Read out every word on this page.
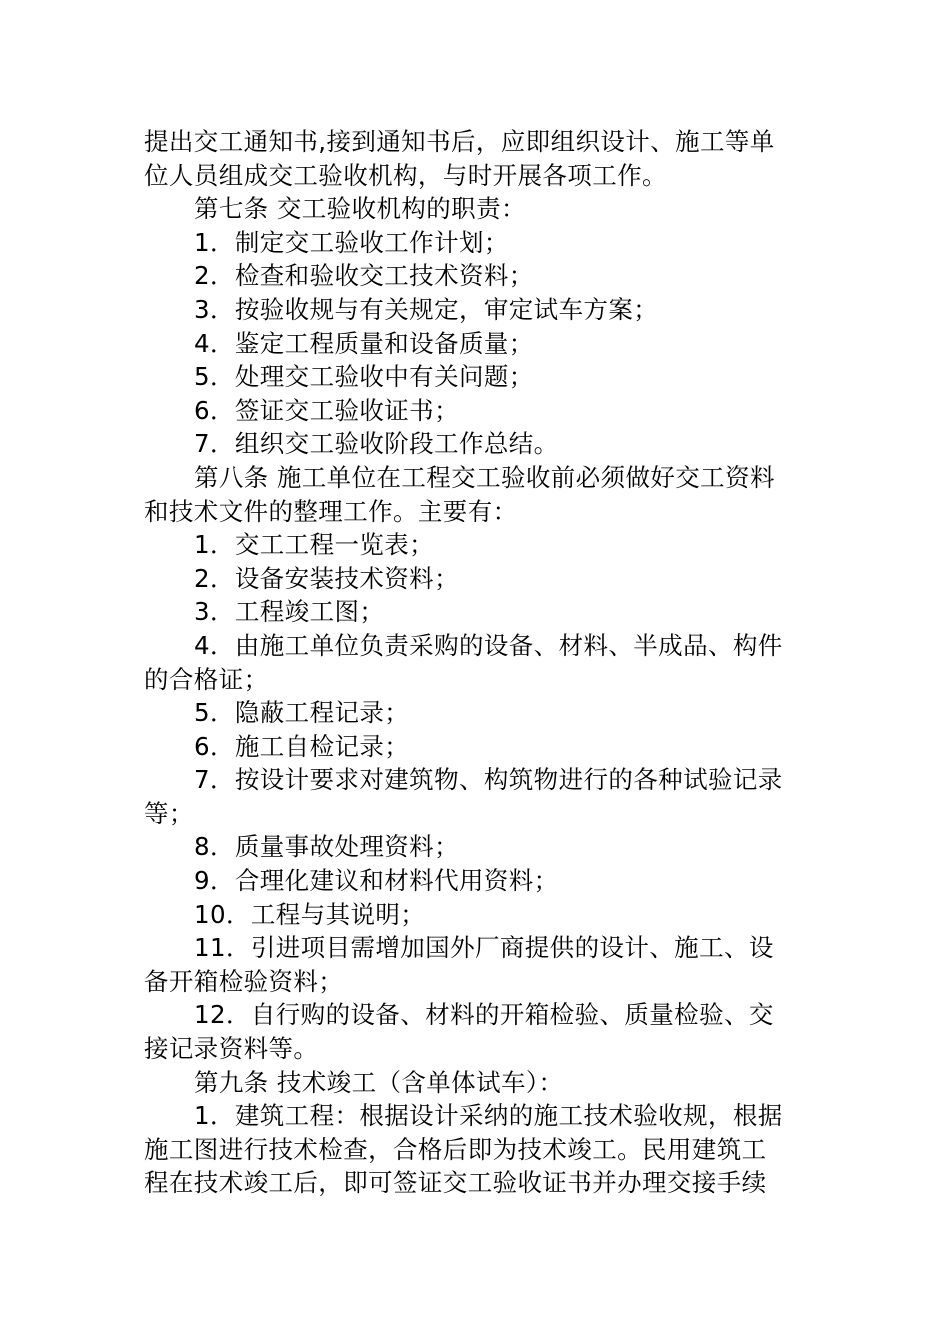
提出交工通知书,接到通知书后，应即组织设计、施工等单
位人员组成交工验收机构，与时开展各项工作。
第七条 交工验收机构的职责：
1．制定交工验收工作计划；
2．检查和验收交工技术资料；
3．按验收规与有关规定，审定试车方案；
4．鉴定工程质量和设备质量；
5．处理交工验收中有关问题；
6．签证交工验收证书；
7．组织交工验收阶段工作总结。
第八条 施工单位在工程交工验收前必须做好交工资料
和技术文件的整理工作。主要有：
1．交工工程一览表；
2．设备安装技术资料；
3．工程竣工图；
4．由施工单位负责采购的设备、材料、半成品、构件
的合格证；
5．隐蔽工程记录；
6．施工自检记录；
7．按设计要求对建筑物、构筑物进行的各种试验记录
等；
8．质量事故处理资料；
9．合理化建议和材料代用资料；
10．工程与其说明；
11．引进项目需增加国外厂商提供的设计、施工、设
备开箱检验资料；
12．自行购的设备、材料的开箱检验、质量检验、交
接记录资料等。
第九条 技术竣工（含单体试车）：
1．建筑工程：根据设计采纳的施工技术验收规，根据
施工图进行技术检查，合格后即为技术竣工。民用建筑工
程在技术竣工后，即可签证交工验收证书并办理交接手续
